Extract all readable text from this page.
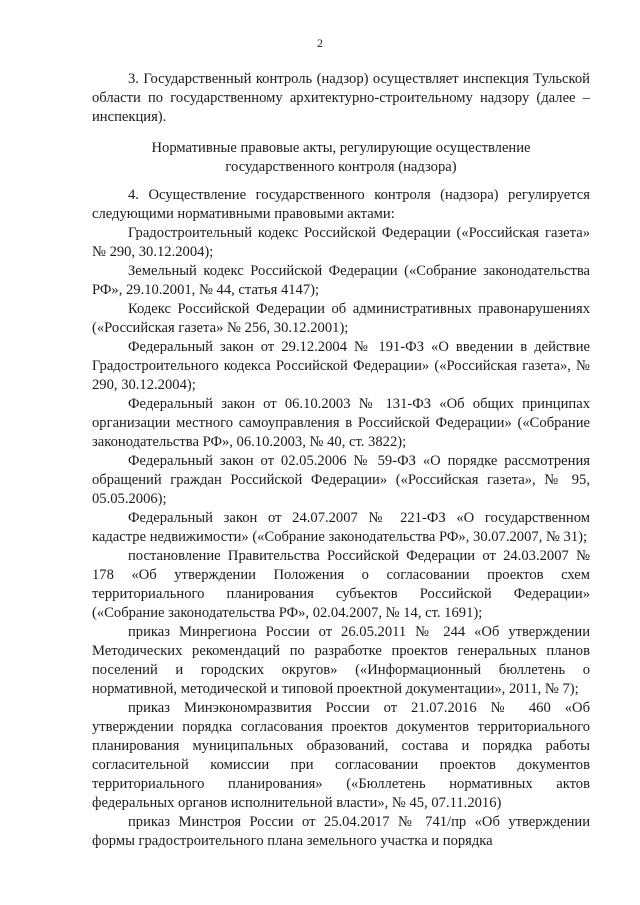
2

3. Государственный контроль (надзор) осуществляет инспекция Тульской области по государственному архитектурно-строительному надзору (далее – инспекция).

Нормативные правовые акты, регулирующие осуществление

государственного контроля (надзора)

4. Осуществление государственного контроля (надзора) регулируется следующими нормативными правовыми актами:

Градостроительный кодекс Российской Федерации («Российская газета» № 290, 30.12.2004);

Земельный кодекс Российской Федерации («Собрание законодательства РФ», 29.10.2001, № 44, статья 4147);

Кодекс Российской Федерации об административных правонарушениях («Российская газета» № 256, 30.12.2001);

Федеральный закон от 29.12.2004 № 191-ФЗ «О введении в действие Градостроительного кодекса Российской Федерации» («Российская газета», № 290, 30.12.2004);

Федеральный закон от 06.10.2003 № 131-ФЗ «Об общих принципах организации местного самоуправления в Российской Федерации» («Собрание законодательства РФ», 06.10.2003, № 40, ст. 3822);

Федеральный закон от 02.05.2006 № 59-ФЗ «О порядке рассмотрения обращений граждан Российской Федерации» («Российская газета», № 95, 05.05.2006);

Федеральный закон от 24.07.2007 № 221-ФЗ «О государственном кадастре недвижимости» («Собрание законодательства РФ», 30.07.2007, № 31);

постановление Правительства Российской Федерации от 24.03.2007 № 178 «Об утверждении Положения о согласовании проектов схем территориального планирования субъектов Российской Федерации» («Собрание законодательства РФ», 02.04.2007, № 14, ст. 1691);

приказ Минрегиона России от 26.05.2011 № 244 «Об утверждении Методических рекомендаций по разработке проектов генеральных планов поселений и городских округов» («Информационный бюллетень о нормативной, методической и типовой проектной документации», 2011, № 7);

приказ Минэкономразвития России от 21.07.2016 № 460 «Об утверждении порядка согласования проектов документов территориального планирования муниципальных образований, состава и порядка работы согласительной комиссии при согласовании проектов документов территориального планирования» («Бюллетень нормативных актов федеральных органов исполнительной власти», № 45, 07.11.2016)

приказ Минстроя России от 25.04.2017 № 741/пр «Об утверждении формы градостроительного плана земельного участка и порядка
